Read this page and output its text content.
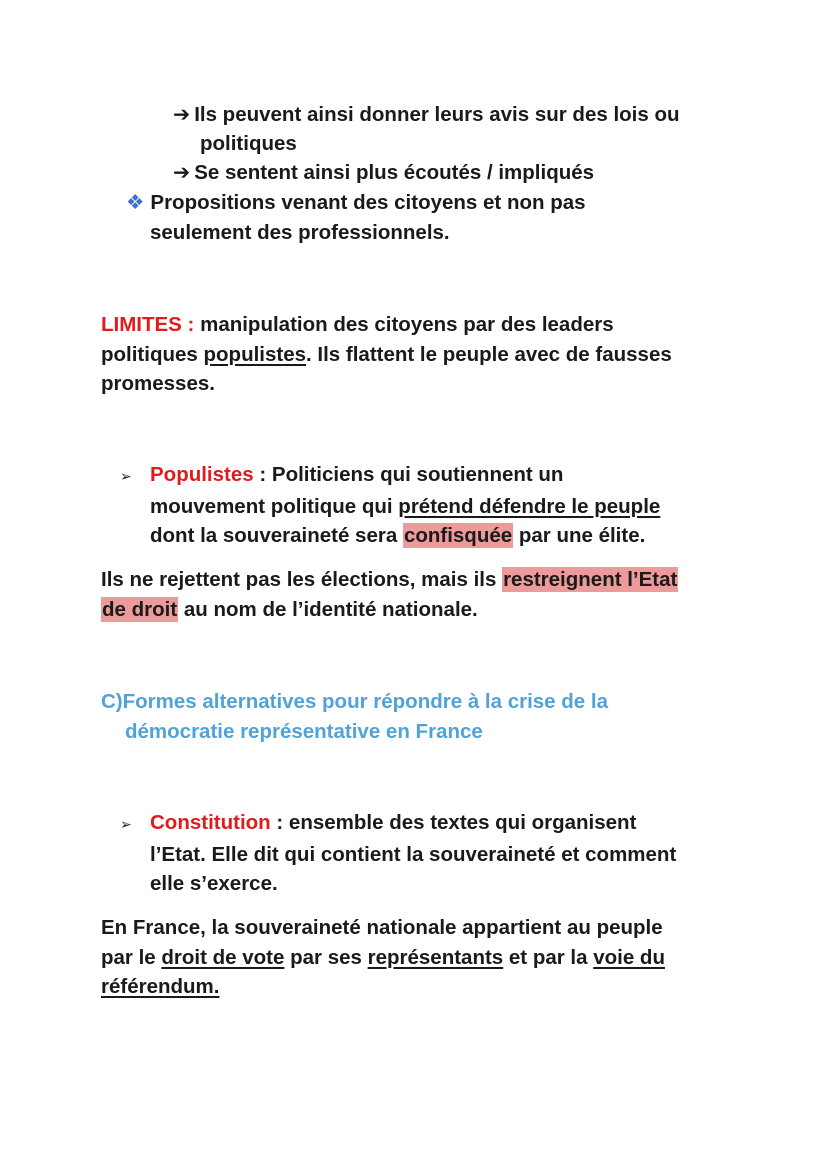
➔ Ils peuvent ainsi donner leurs avis sur des lois ou
politiques
➔ Se sentent ainsi plus écoutés / impliqués
❖ Propositions venant des citoyens et non pas
seulement des professionnels.
LIMITES : manipulation des citoyens par des leaders
politiques populistes. Ils flattent le peuple avec de fausses
promesses.
➢ Populistes : Politiciens qui soutiennent un
mouvement politique qui prétend défendre le peuple
dont la souveraineté sera confisquée par une élite.
Ils ne rejettent pas les élections, mais ils restreignent l’Etat
de droit au nom de l’identité nationale.
C)Formes alternatives pour répondre à la crise de la
démocratie représentative en France
➢ Constitution : ensemble des textes qui organisent
l’Etat. Elle dit qui contient la souveraineté et comment
elle s’exerce.
En France, la souveraineté nationale appartient au peuple
par le droit de vote par ses représentants et par la voie du
référendum.
